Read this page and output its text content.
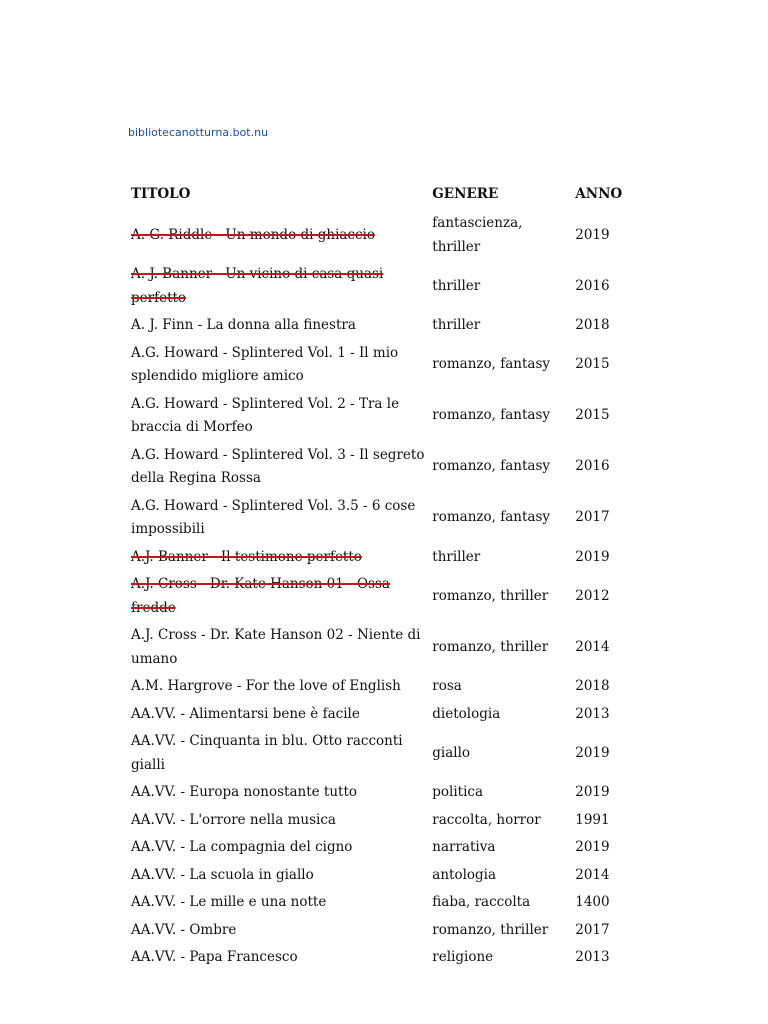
bibliotecanotturna.bot.nu
TITOLO	GENERE	ANNO
A. G. Riddle - Un mondo di ghiaccio	fantascienza, thriller	2019
A. J. Banner - Un vicino di casa quasi perfetto	thriller	2016
A. J. Finn - La donna alla finestra	thriller	2018
A.G. Howard - Splintered Vol. 1 - Il mio splendido migliore amico	romanzo, fantasy	2015
A.G. Howard - Splintered Vol. 2 - Tra le braccia di Morfeo	romanzo, fantasy	2015
A.G. Howard - Splintered Vol. 3 - Il segreto della Regina Rossa	romanzo, fantasy	2016
A.G. Howard - Splintered Vol. 3.5 - 6 cose impossibili	romanzo, fantasy	2017
A.J. Banner - Il testimone perfetto	thriller	2019
A.J. Cross - Dr. Kate Hanson 01 - Ossa fredde	romanzo, thriller	2012
A.J. Cross - Dr. Kate Hanson 02 - Niente di umano	romanzo, thriller	2014
A.M. Hargrove - For the love of English	rosa	2018
AA.VV. - Alimentarsi bene è facile	dietologia	2013
AA.VV. - Cinquanta in blu. Otto racconti gialli	giallo	2019
AA.VV. - Europa nonostante tutto	politica	2019
AA.VV. - L'orrore nella musica	raccolta, horror	1991
AA.VV. - La compagnia del cigno	narrativa	2019
AA.VV. - La scuola in giallo	antologia	2014
AA.VV. - Le mille e una notte	fiaba, raccolta	1400
AA.VV. - Ombre	romanzo, thriller	2017
AA.VV. - Papa Francesco	religione	2013
